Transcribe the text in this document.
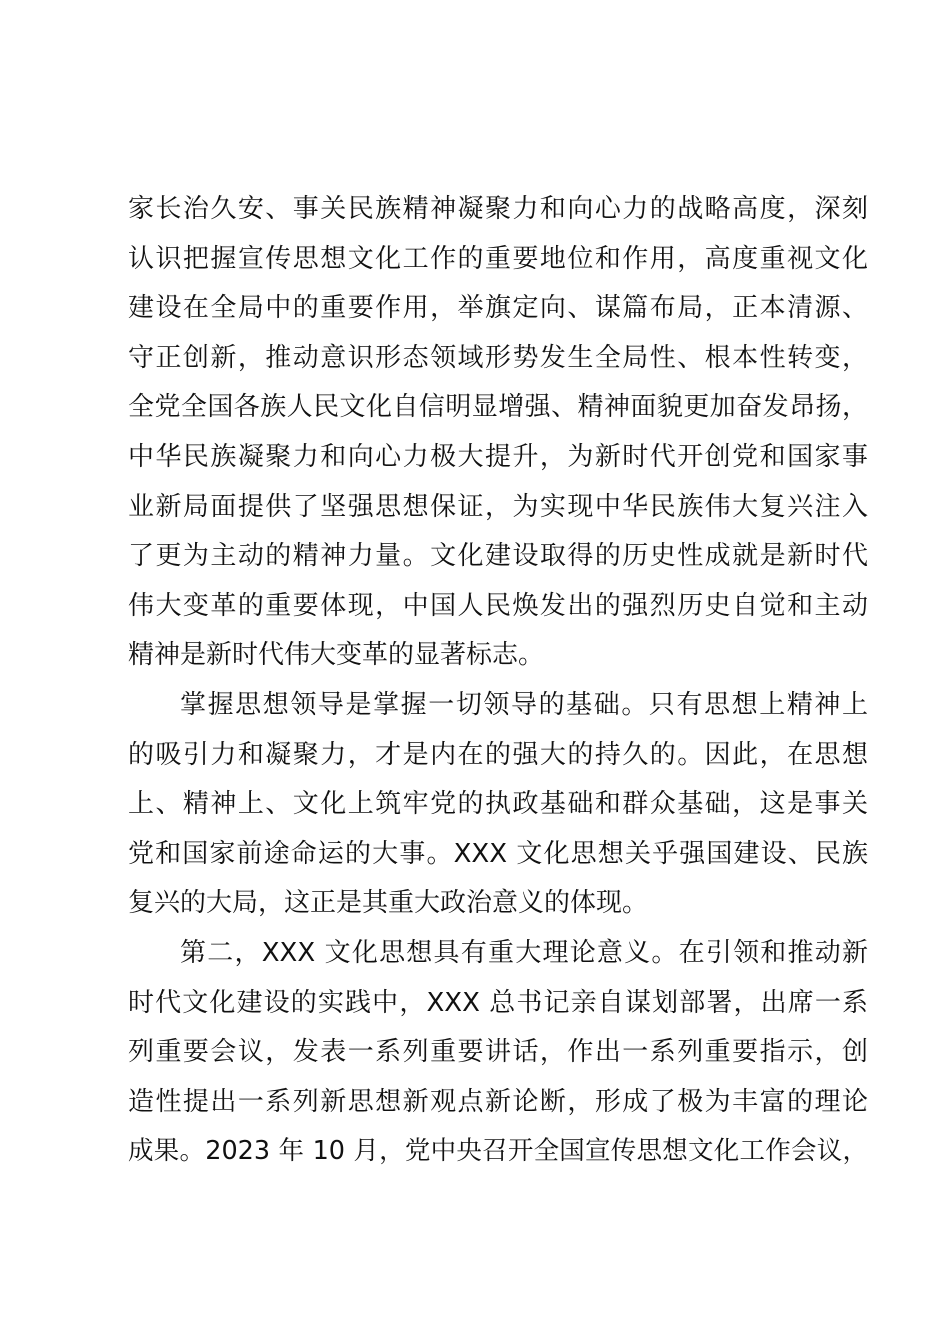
家长治久安、事关民族精神凝聚力和向心力的战略高度，深刻

认识把握宣传思想文化工作的重要地位和作用，高度重视文化

建设在全局中的重要作用，举旗定向、谋篇布局，正本清源、

守正创新，推动意识形态领域形势发生全局性、根本性转变，

全党全国各族人民文化自信明显增强、精神面貌更加奋发昂扬，

中华民族凝聚力和向心力极大提升，为新时代开创党和国家事

业新局面提供了坚强思想保证，为实现中华民族伟大复兴注入

了更为主动的精神力量。文化建设取得的历史性成就是新时代

伟大变革的重要体现，中国人民焕发出的强烈历史自觉和主动

精神是新时代伟大变革的显著标志。

掌握思想领导是掌握一切领导的基础。只有思想上精神上

的吸引力和凝聚力，才是内在的强大的持久的。因此，在思想

上、精神上、文化上筑牢党的执政基础和群众基础，这是事关

党和国家前途命运的大事。XXX 文化思想关乎强国建设、民族

复兴的大局，这正是其重大政治意义的体现。

第二，XXX 文化思想具有重大理论意义。在引领和推动新

时代文化建设的实践中，XXX 总书记亲自谋划部署，出席一系

列重要会议，发表一系列重要讲话，作出一系列重要指示，创

造性提出一系列新思想新观点新论断，形成了极为丰富的理论

成果。2023 年 10 月，党中央召开全国宣传思想文化工作会议，
